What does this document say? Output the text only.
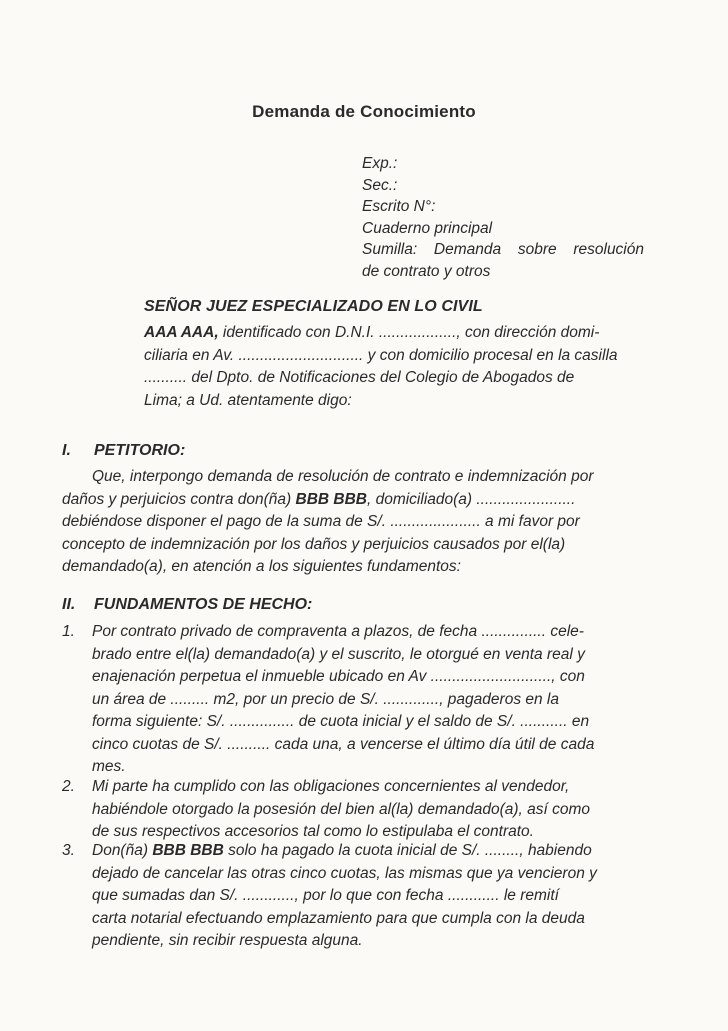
Demanda de Conocimiento
Exp.:
Sec.:
Escrito N°:
Cuaderno principal
Sumilla: Demanda sobre resolución
de contrato y otros
SEÑOR JUEZ ESPECIALIZADO EN LO CIVIL
AAA AAA, identificado con D.N.I. .................., con dirección domi-
ciliaria en Av. ............................. y con domicilio procesal en la casilla
.......... del Dpto. de Notificaciones del Colegio de Abogados de
Lima; a Ud. atentamente digo:
I. PETITORIO:
Que, interpongo demanda de resolución de contrato e indemnización por
daños y perjuicios contra don(ña) BBB BBB, domiciliado(a) .......................
debiéndose disponer el pago de la suma de S/. ..................... a mi favor por
concepto de indemnización por los daños y perjuicios causados por el(la)
demandado(a), en atención a los siguientes fundamentos:
II. FUNDAMENTOS DE HECHO:
1. Por contrato privado de compraventa a plazos, de fecha ............... cele-
brado entre el(la) demandado(a) y el suscrito, le otorgué en venta real y
enajenación perpetua el inmueble ubicado en Av ............................, con
un área de ......... m2, por un precio de S/. ............., pagaderos en la
forma siguiente: S/. ............... de cuota inicial y el saldo de S/. ........... en
cinco cuotas de S/. .......... cada una, a vencerse el último día útil de cada
mes.
2. Mi parte ha cumplido con las obligaciones concernientes al vendedor,
habiéndole otorgado la posesión del bien al(la) demandado(a), así como
de sus respectivos accesorios tal como lo estipulaba el contrato.
3. Don(ña) BBB BBB solo ha pagado la cuota inicial de S/. ........, habiendo
dejado de cancelar las otras cinco cuotas, las mismas que ya vencieron y
que sumadas dan S/. ............, por lo que con fecha ............ le remití
carta notarial efectuando emplazamiento para que cumpla con la deuda
pendiente, sin recibir respuesta alguna.
